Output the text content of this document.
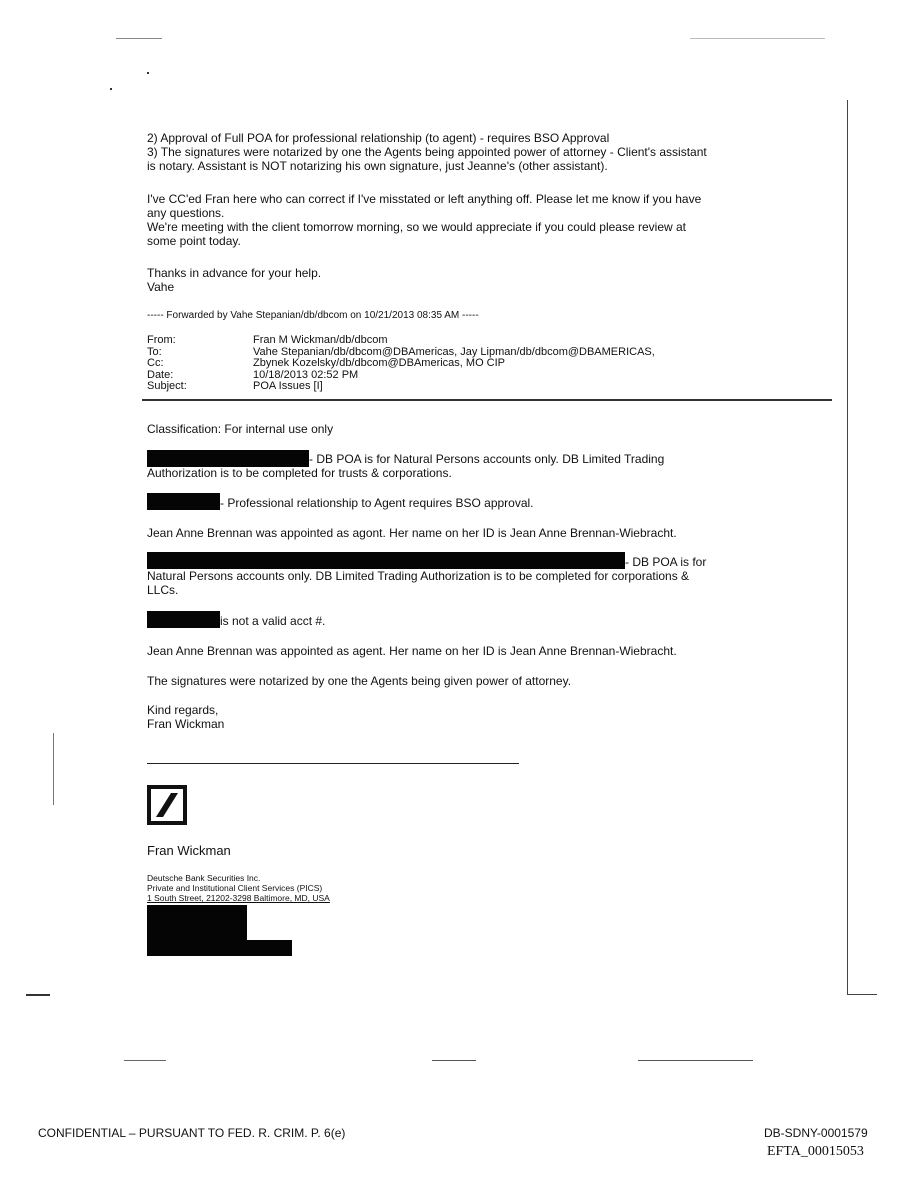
2) Approval of Full POA for professional relationship (to agent) - requires BSO Approval
3) The signatures were notarized by one the Agents being appointed power of attorney - Client's assistant
is notary. Assistant is NOT notarizing his own signature, just Jeanne's (other assistant).
I've CC'ed Fran here who can correct if I've misstated or left anything off. Please let me know if you have
any questions.
We're meeting with the client tomorrow morning, so we would appreciate if you could please review at
some point today.
Thanks in advance for your help.
Vahe
----- Forwarded by Vahe Stepanian/db/dbcom on 10/21/2013 08:35 AM -----
From:	Fran M Wickman/db/dbcom
To:	Vahe Stepanian/db/dbcom@DBAmericas, Jay Lipman/db/dbcom@DBAMERICAS,
Cc:	Zbynek Kozelsky/db/dbcom@DBAmericas, MO CIP
Date:	10/18/2013 02:52 PM
Subject:	POA Issues [I]
Classification: For internal use only
- DB POA is for Natural Persons accounts only. DB Limited Trading
Authorization is to be completed for trusts & corporations.
- Professional relationship to Agent requires BSO approval.
Jean Anne Brennan was appointed as agont. Her name on her ID is Jean Anne Brennan-Wiebracht.
- DB POA is for
Natural Persons accounts only. DB Limited Trading Authorization is to be completed for corporations &
LLCs.
is not a valid acct #.
Jean Anne Brennan was appointed as agent. Her name on her ID is Jean Anne Brennan-Wiebracht.
The signatures were notarized by one the Agents being given power of attorney.
Kind regards,
Fran Wickman
Fran Wickman
Deutsche Bank Securities Inc.
Private and Institutional Client Services (PICS)
1 South Street, 21202-3298 Baltimore, MD, USA
CONFIDENTIAL – PURSUANT TO FED. R. CRIM. P. 6(e)	DB-SDNY-0001579
EFTA_00015053
